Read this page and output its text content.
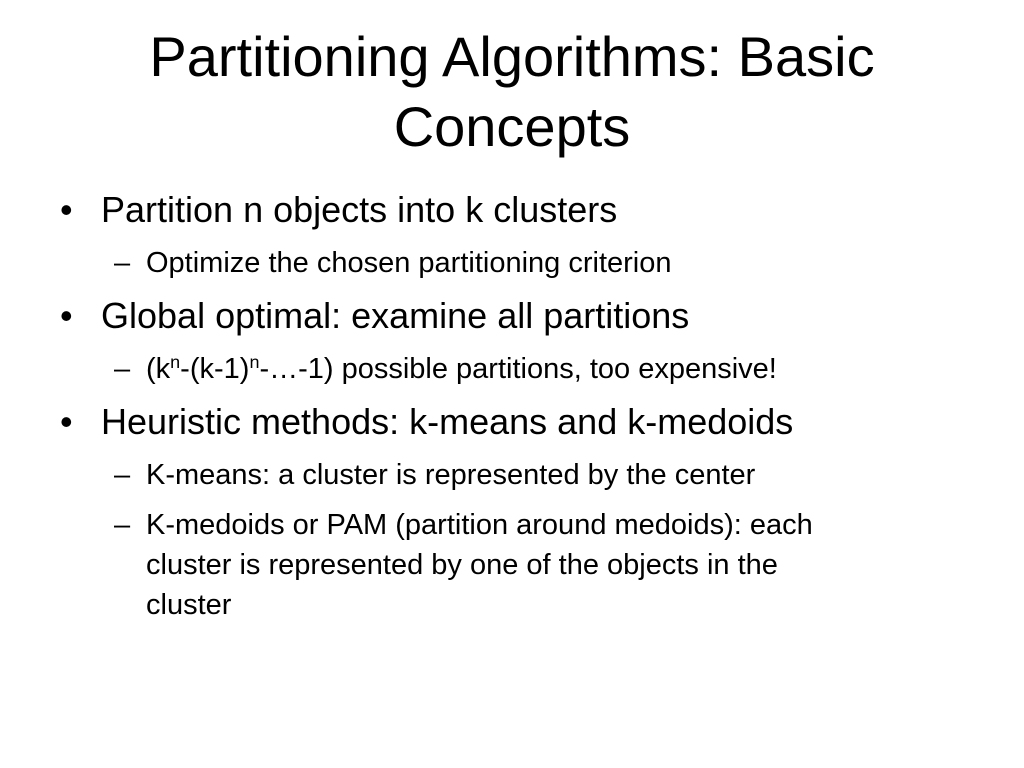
Partitioning Algorithms: Basic
Concepts
• Partition n objects into k clusters
– Optimize the chosen partitioning criterion
• Global optimal: examine all partitions
– $(k^n-(k-1)^n-\dots-1)$ possible partitions, too expensive!
• Heuristic methods: k-means and k-medoids
– K-means: a cluster is represented by the center
– K-medoids or PAM (partition around medoids): each
cluster is represented by one of the objects in the
cluster
